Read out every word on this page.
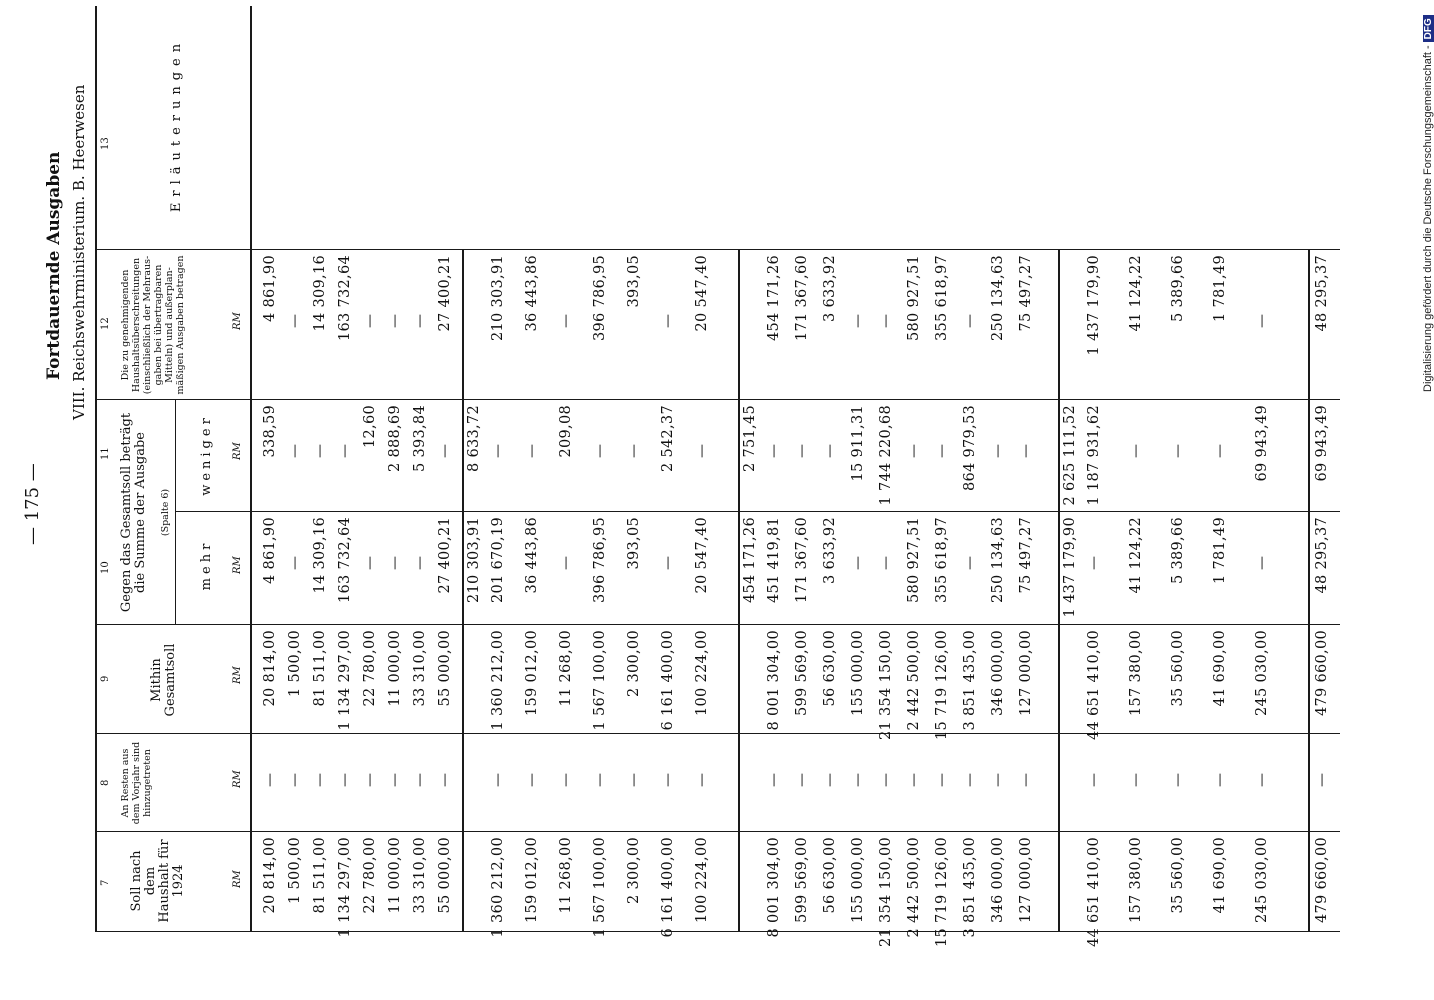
— 175 —
Fortdauernde Ausgaben VIII. Reichswehrministerium. B. Heerwesen
7
8
9
10
11
12
13
Soll nach dem Haushalt für 1924
An Resten aus dem Vorjahr sind hinzugetreten
Mithin Gesamtsoll
Gegen das Gesamtsoll beträgt die Summe der Ausgabe (Spalte 6)
mehr
weniger
Die zu genehmigenden Haushaltsüberschreitungen (einschließlich der Mehrausgaben bei übertragbaren Mitteln) und außerplanmäßigen Ausgaben betragen
Erläuterungen
RM
RM
RM
RM
RM
RM
20 814,00
—
20 814,00
4 861,90
338,59
4 861,90
1 500,00
—
1 500,00
—
—
—
81 511,00
—
81 511,00
14 309,16
—
14 309,16
1 134 297,00
—
1 134 297,00
163 732,64
—
163 732,64
22 780,00
—
22 780,00
—
12,60
—
11 000,00
—
11 000,00
—
2 888,69
—
33 310,00
—
33 310,00
—
5 393,84
—
55 000,00
—
55 000,00
27 400,21
—
27 400,21
210 303,91
8 633,72
1 360 212,00
—
1 360 212,00
201 670,19
—
210 303,91
159 012,00
—
159 012,00
36 443,86
—
36 443,86
11 268,00
—
11 268,00
—
209,08
—
1 567 100,00
—
1 567 100,00
396 786,95
—
396 786,95
2 300,00
—
2 300,00
393,05
—
393,05
6 161 400,00
—
6 161 400,00
—
2 542,37
—
100 224,00
—
100 224,00
20 547,40
—
20 547,40
454 171,26
2 751,45
8 001 304,00
—
8 001 304,00
451 419,81
—
454 171,26
599 569,00
—
599 569,00
171 367,60
—
171 367,60
56 630,00
—
56 630,00
3 633,92
—
3 633,92
155 000,00
—
155 000,00
—
15 911,31
—
21 354 150,00
—
21 354 150,00
—
1 744 220,68
—
2 442 500,00
—
2 442 500,00
580 927,51
—
580 927,51
15 719 126,00
—
15 719 126,00
355 618,97
—
355 618,97
3 851 435,00
—
3 851 435,00
—
864 979,53
—
346 000,00
—
346 000,00
250 134,63
—
250 134,63
127 000,00
—
127 000,00
75 497,27
—
75 497,27
1 437 179,90
2 625 111,52
44 651 410,00
—
44 651 410,00
—
1 187 931,62
1 437 179,90
157 380,00
—
157 380,00
41 124,22
—
41 124,22
35 560,00
—
35 560,00
5 389,66
—
5 389,66
41 690,00
—
41 690,00
1 781,49
—
1 781,49
245 030,00
—
245 030,00
—
69 943,49
—
479 660,00
—
479 660,00
48 295,37
69 943,49
48 295,37	Digitalisierung gefördert durch die Deutsche Forschungsgemeinschaft -DFG
